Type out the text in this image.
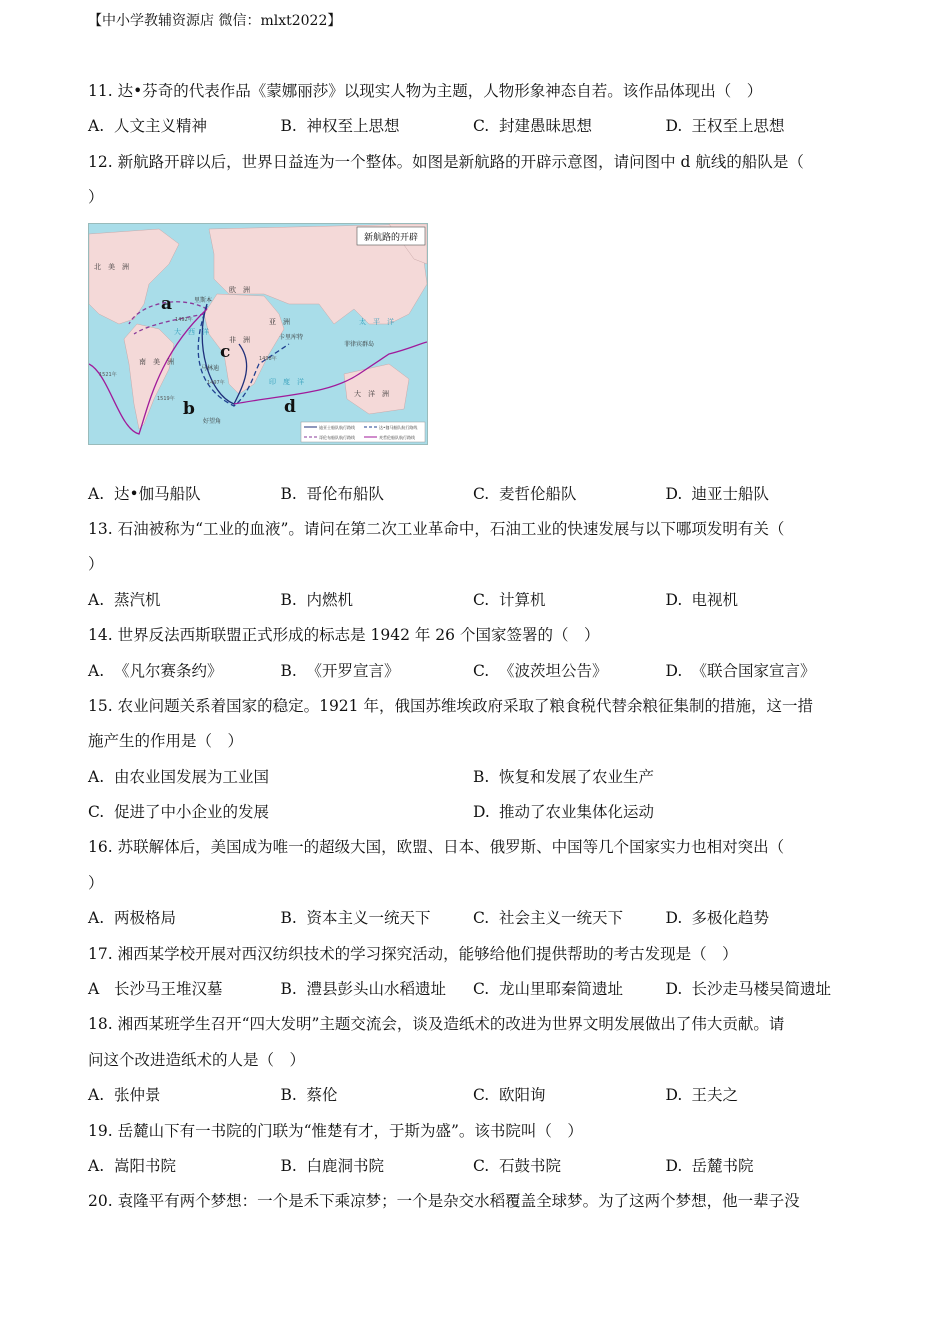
【中小学教辅资源店 微信：mlxt2022】
11. 达•芬奇的代表作品《蒙娜丽莎》以现实人物为主题，人物形象神态自若。该作品体现出（　）
A. 人文主义精神	B. 神权至上思想	C. 封建愚昧思想	D. 王权至上思想
12. 新航路开辟以后，世界日益连为一个整体。如图是新航路的开辟示意图，请问图中 d 航线的船队是（
）
新航路的开辟
a
b
c
d
欧　洲
亚　洲
非　洲
大　洋　洲
北　美　洲
南　美　洲
好望角
马林迪
卡里库特
里斯本
菲律宾群岛
大　西　洋
太　平　洋
印　度　洋
1492年
1497年
1498年
1519年
1521年
迪亚士船队航行路线	达•伽马船队航行路线
哥伦布船队航行路线	麦哲伦船队航行路线
A. 达•伽马船队	B. 哥伦布船队	C. 麦哲伦船队	D. 迪亚士船队
13. 石油被称为“工业的血液”。请问在第二次工业革命中，石油工业的快速发展与以下哪项发明有关（
）
A. 蒸汽机	B. 内燃机	C. 计算机	D. 电视机
14. 世界反法西斯联盟正式形成的标志是 1942 年 26 个国家签署的（　）
A. 《凡尔赛条约》	B. 《开罗宣言》	C. 《波茨坦公告》	D. 《联合国家宣言》
15. 农业问题关系着国家的稳定。1921 年，俄国苏维埃政府采取了粮食税代替余粮征集制的措施，这一措
施产生的作用是（　）
A. 由农业国发展为工业国	B. 恢复和发展了农业生产
C. 促进了中小企业的发展	D. 推动了农业集体化运动
16. 苏联解体后，美国成为唯一的超级大国，欧盟、日本、俄罗斯、中国等几个国家实力也相对突出（
）
A. 两极格局	B. 资本主义一统天下	C. 社会主义一统天下	D. 多极化趋势
17. 湘西某学校开展对西汉纺织技术的学习探究活动，能够给他们提供帮助的考古发现是（　）
A 长沙马王堆汉墓	B. 澧县彭头山水稻遗址	C. 龙山里耶秦简遗址	D. 长沙走马楼吴简遗址
18. 湘西某班学生召开“四大发明”主题交流会，谈及造纸术的改进为世界文明发展做出了伟大贡献。请
问这个改进造纸术的人是（　）
A. 张仲景	B. 蔡伦	C. 欧阳询	D. 王夫之
19. 岳麓山下有一书院的门联为“惟楚有才，于斯为盛”。该书院叫（　）
A. 嵩阳书院	B. 白鹿洞书院	C. 石鼓书院	D. 岳麓书院
20. 袁隆平有两个梦想：一个是禾下乘凉梦；一个是杂交水稻覆盖全球梦。为了这两个梦想，他一辈子没
